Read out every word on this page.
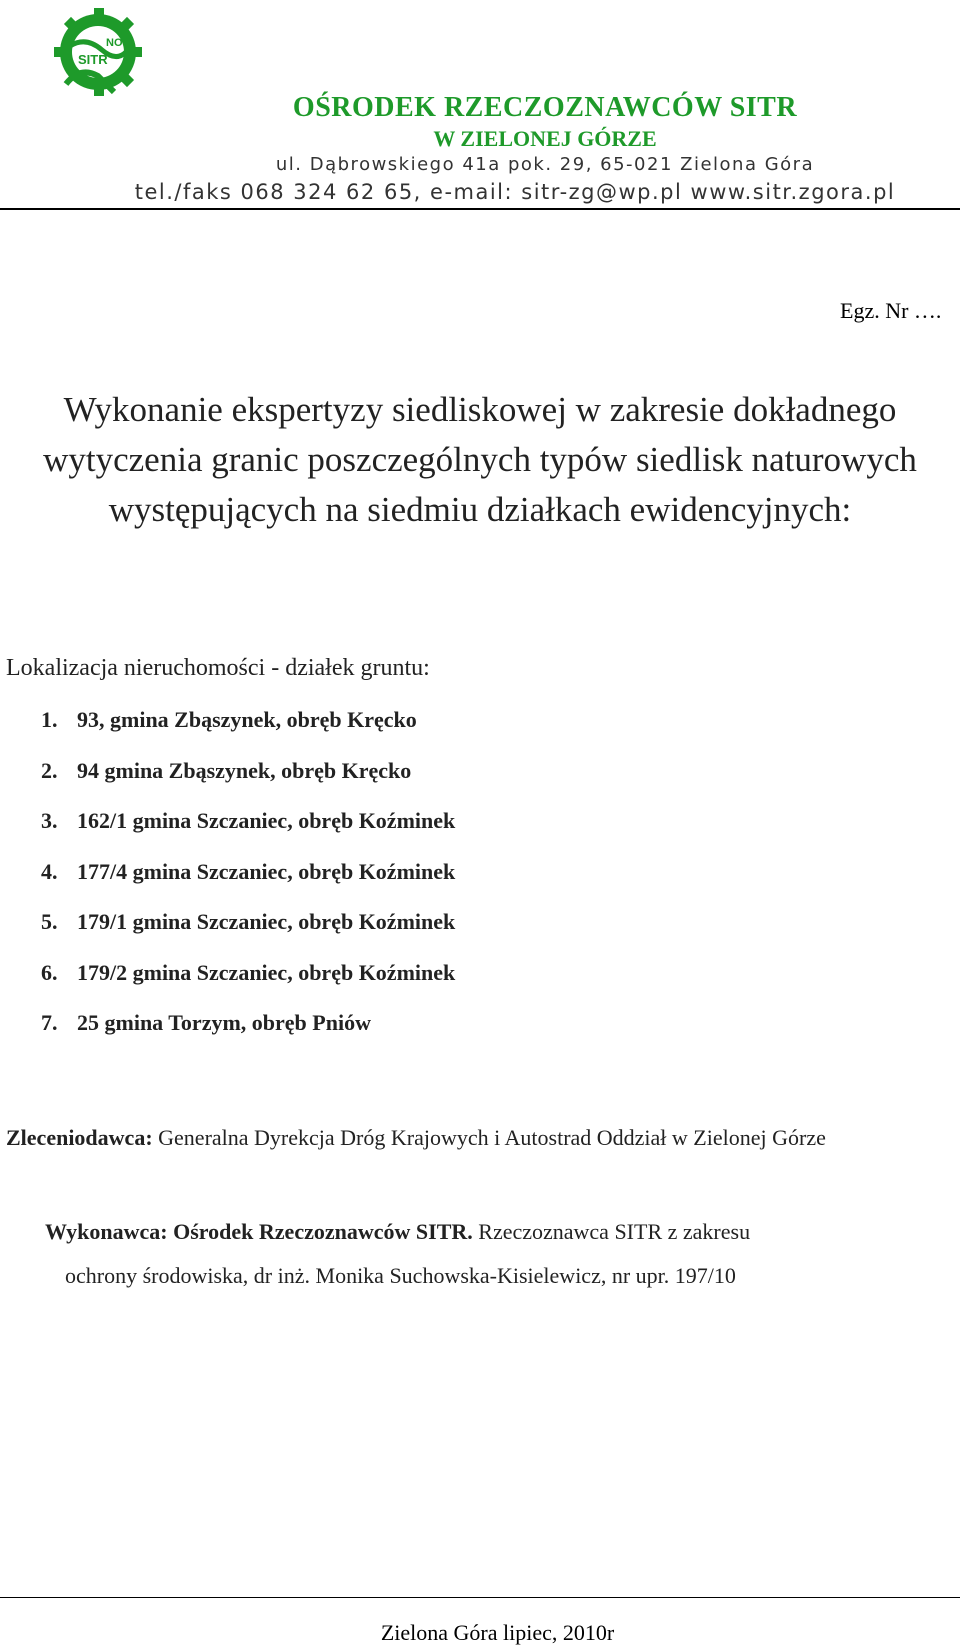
SITR
NOT
OŚRODEK RZECZOZNAWCÓW SITR
W ZIELONEJ GÓRZE
ul. Dąbrowskiego 41a pok. 29, 65-021 Zielona Góra
tel./faks 068 324 62 65, e-mail: sitr-zg@wp.pl www.sitr.zgora.pl
Egz. Nr ….
Wykonanie ekspertyzy siedliskowej w zakresie dokładnego wytyczenia granic poszczególnych typów siedlisk naturowych występujących na siedmiu działkach ewidencyjnych:
Lokalizacja nieruchomości - działek gruntu:
1. 93, gmina Zbąszynek, obręb Kręcko
2. 94 gmina Zbąszynek, obręb Kręcko
3. 162/1 gmina Szczaniec, obręb Koźminek
4. 177/4 gmina Szczaniec, obręb Koźminek
5. 179/1 gmina Szczaniec, obręb Koźminek
6. 179/2 gmina Szczaniec, obręb Koźminek
7. 25 gmina Torzym, obręb Pniów
Zleceniodawca: Generalna Dyrekcja Dróg Krajowych i Autostrad Oddział w Zielonej Górze
Wykonawca: Ośrodek Rzeczoznawców SITR. Rzeczoznawca SITR z zakresu
ochrony środowiska, dr inż. Monika Suchowska-Kisielewicz, nr upr. 197/10
Zielona Góra lipiec, 2010r
